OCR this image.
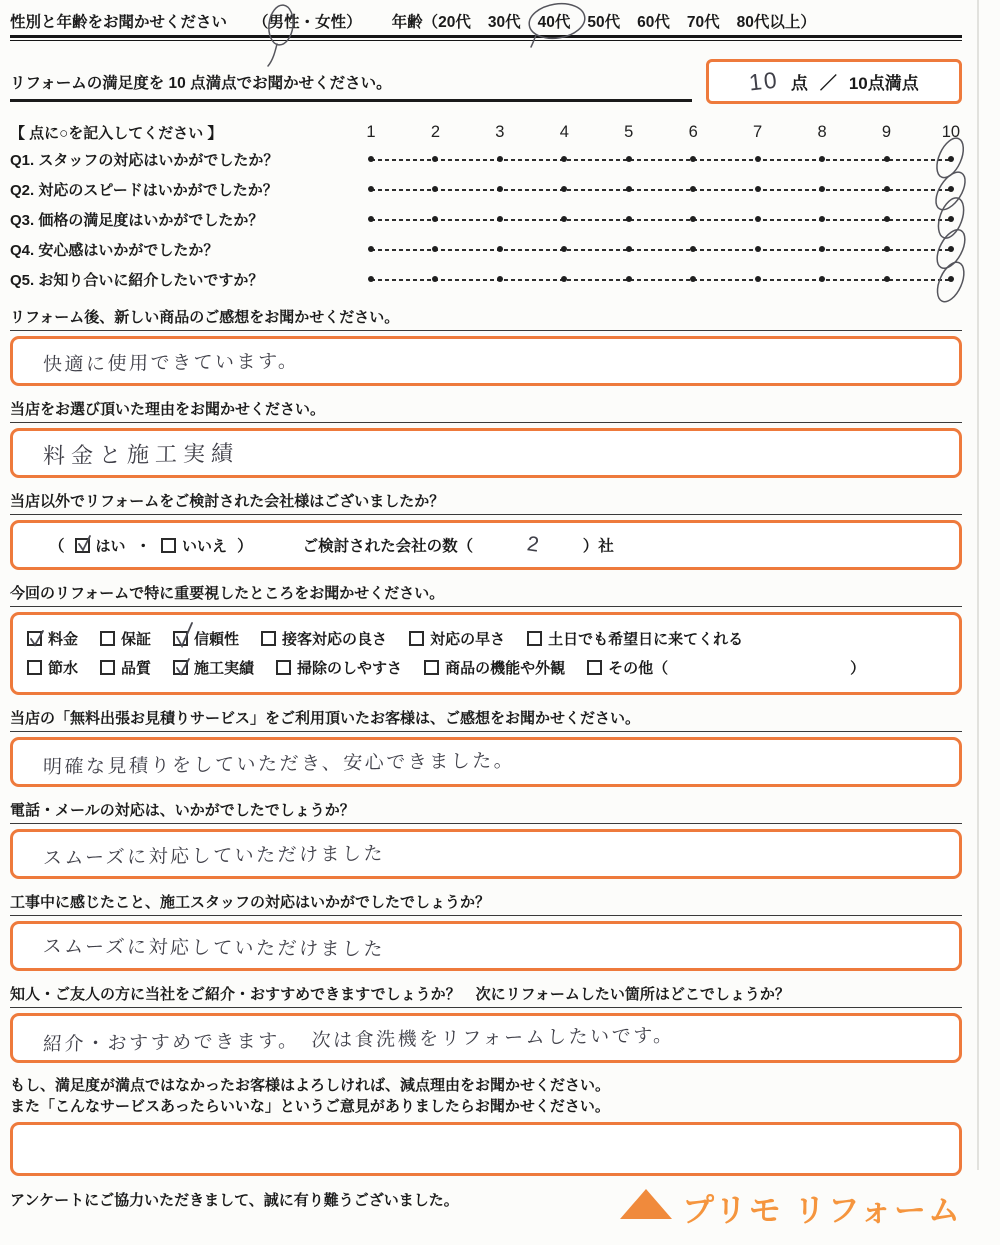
性別と年齢をお聞かせください （ 男性 ・ 女性 ） 年齢（ 20代 30代 40代 50代 60代 70代 80代以上 ）
リフォームの満足度を 10 点満点でお聞かせください。	10 点 ／ 10点満点
【 点に○を記入してください 】	1	2	3	4	5	6	7	8	9	10
Q1. スタッフの対応はいかがでしたか？
Q2. 対応のスピードはいかがでしたか？
Q3. 価格の満足度はいかがでしたか？
Q4. 安心感はいかがでしたか？
Q5. お知り合いに紹介したいですか？
リフォーム後、新しい商品のご感想をお聞かせください。
快適に使用できています。
当店をお選び頂いた理由をお聞かせください。
料金と施工実績
当店以外でリフォームをご検討された会社様はございましたか？
（ はい ・ いいえ ）	ご検討された会社の数（	2	）社
今回のリフォームで特に重要視したところをお聞かせください。
料金	保証	信頼性	接客対応の良さ	対応の早さ	土日でも希望日に来てくれる
節水	品質	施工実績	掃除のしやすさ	商品の機能や外観	その他（	）
当店の「無料出張お見積りサービス」をご利用頂いたお客様は、ご感想をお聞かせください。
明確な見積りをしていただき、安心できました。
電話・メールの対応は、いかがでしたでしょうか？
スムーズに対応していただけました
工事中に感じたこと、施工スタッフの対応はいかがでしたでしょうか？
スムーズに対応していただけました
知人・ご友人の方に当社をご紹介・おすすめできますでしょうか？　次にリフォームしたい箇所はどこでしょうか？
紹介・おすすめできます。　次は食洗機をリフォームしたいです。
もし、満足度が満点ではなかったお客様はよろしければ、減点理由をお聞かせください。
また「こんなサービスあったらいいな」というご意見がありましたらお聞かせください。
アンケートにご協力いただきまして、誠に有り難うございました。	プリモ リフォーム
